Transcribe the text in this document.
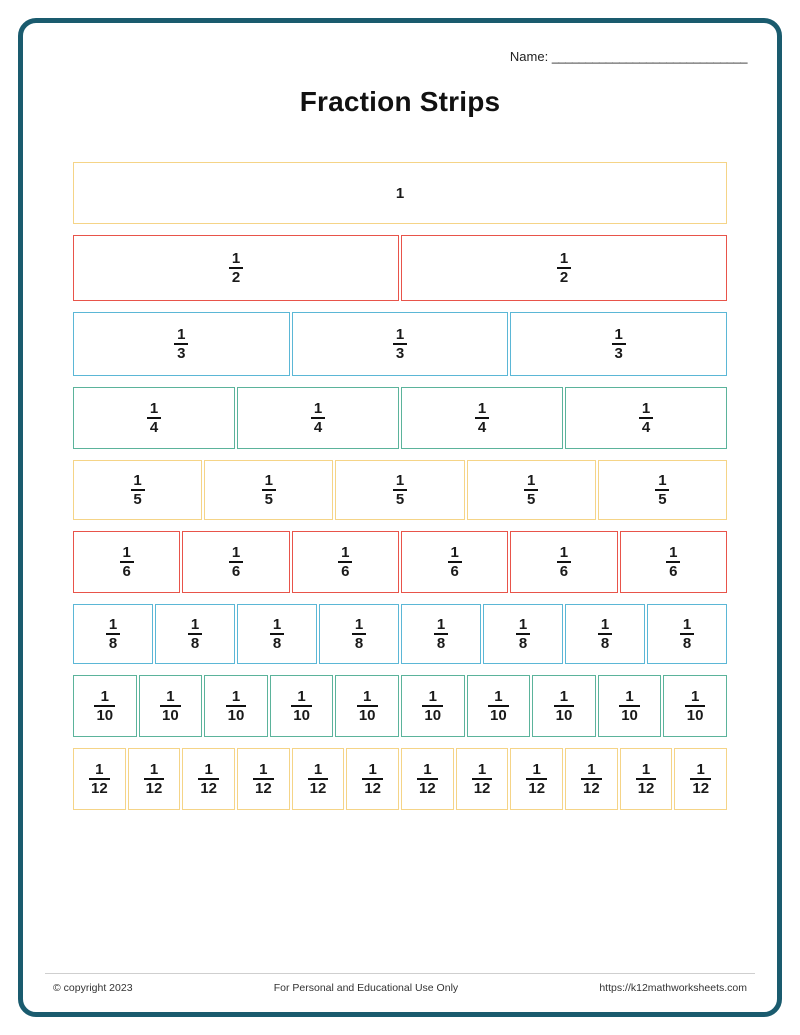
Name: _____________________________
Fraction Strips
1
$\frac{1}{2}$	$\frac{1}{2}$
$\frac{1}{3}$	$\frac{1}{3}$	$\frac{1}{3}$
$\frac{1}{4}$	$\frac{1}{4}$	$\frac{1}{4}$	$\frac{1}{4}$
$\frac{1}{5}$	$\frac{1}{5}$	$\frac{1}{5}$	$\frac{1}{5}$	$\frac{1}{5}$
$\frac{1}{6}$	$\frac{1}{6}$	$\frac{1}{6}$	$\frac{1}{6}$	$\frac{1}{6}$	$\frac{1}{6}$
$\frac{1}{8}$	$\frac{1}{8}$	$\frac{1}{8}$	$\frac{1}{8}$	$\frac{1}{8}$	$\frac{1}{8}$	$\frac{1}{8}$	$\frac{1}{8}$
$\frac{1}{10}$	$\frac{1}{10}$	$\frac{1}{10}$	$\frac{1}{10}$	$\frac{1}{10}$	$\frac{1}{10}$	$\frac{1}{10}$	$\frac{1}{10}$	$\frac{1}{10}$	$\frac{1}{10}$
$\frac{1}{12} \frac{1}{12} \frac{1}{12} \frac{1}{12} \frac{1}{12} \frac{1}{12} \frac{1}{12} \frac{1}{12} \frac{1}{12} \frac{1}{12} \frac{1}{12} \frac{1}{12}$
© copyright 2023	For Personal and Educational Use Only	https://k12mathworksheets.com
